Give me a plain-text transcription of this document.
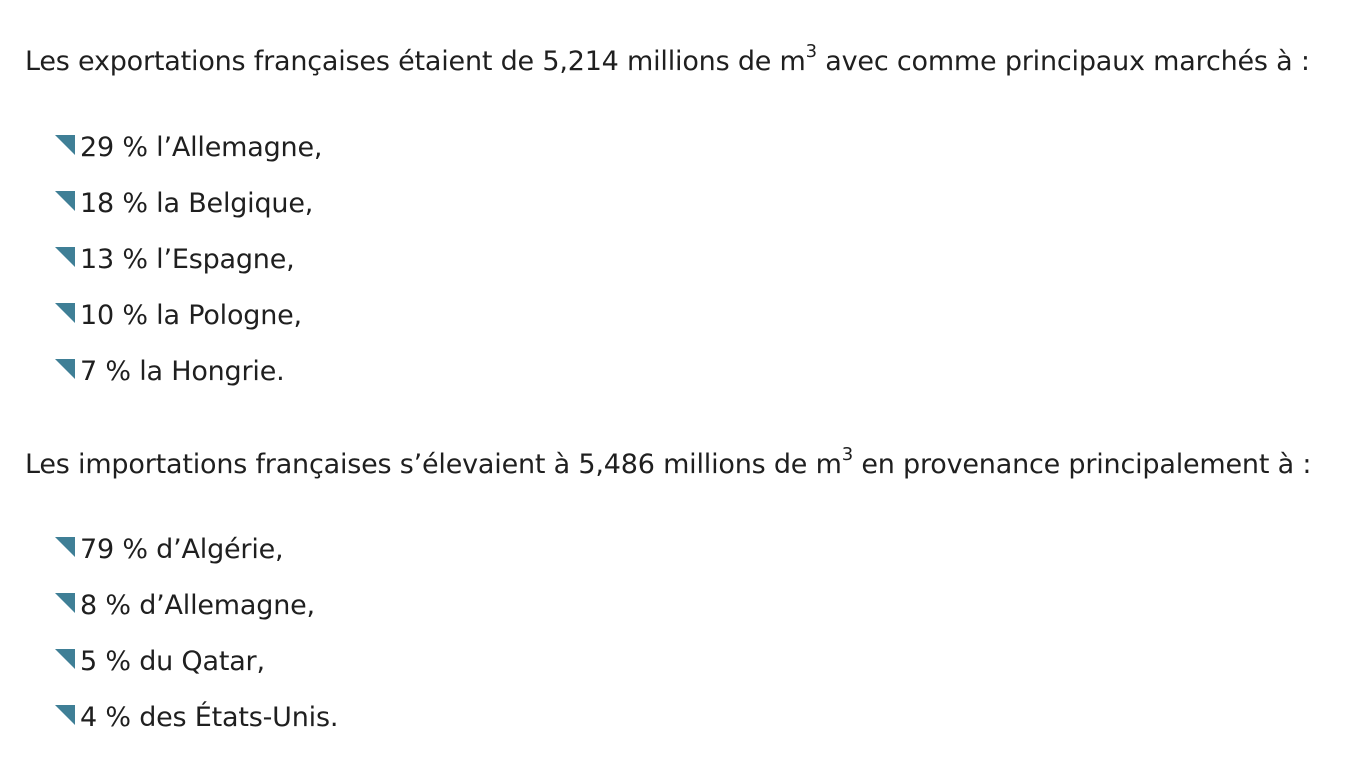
Les exportations françaises étaient de 5,214 millions de $m^3$ avec comme principaux marchés à :

29 % l’Allemagne,
18 % la Belgique,
13 % l’Espagne,
10 % la Pologne,
7 % la Hongrie.

Les importations françaises s’élevaient à 5,486 millions de $m^3$ en provenance principalement à :

79 % d’Algérie,
8 % d’Allemagne,
5 % du Qatar,
4 % des États-Unis.
